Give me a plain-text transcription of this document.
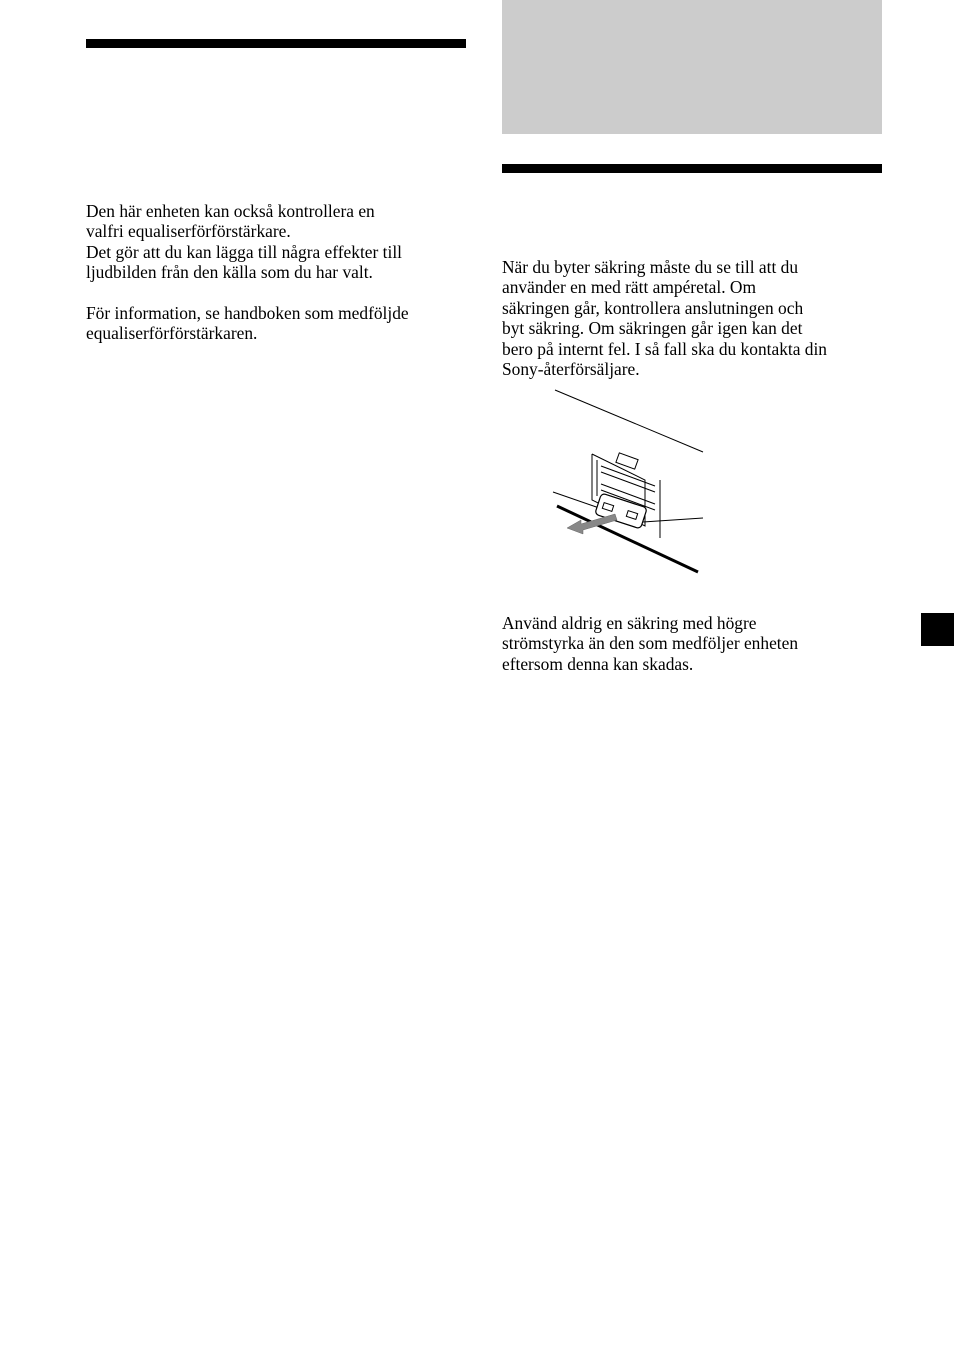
Den här enheten kan också kontrollera en
valfri equaliserförförstärkare.
Det gör att du kan lägga till några effekter till
ljudbilden från den källa som du har valt.
För information, se handboken som medföljde
equaliserförförstärkaren.
När du byter säkring måste du se till att du
använder en med rätt ampéretal. Om
säkringen går, kontrollera anslutningen och
byt säkring. Om säkringen går igen kan det
bero på internt fel. I så fall ska du kontakta din
Sony-återförsäljare.
Använd aldrig en säkring med högre
strömstyrka än den som medföljer enheten
eftersom denna kan skadas.
